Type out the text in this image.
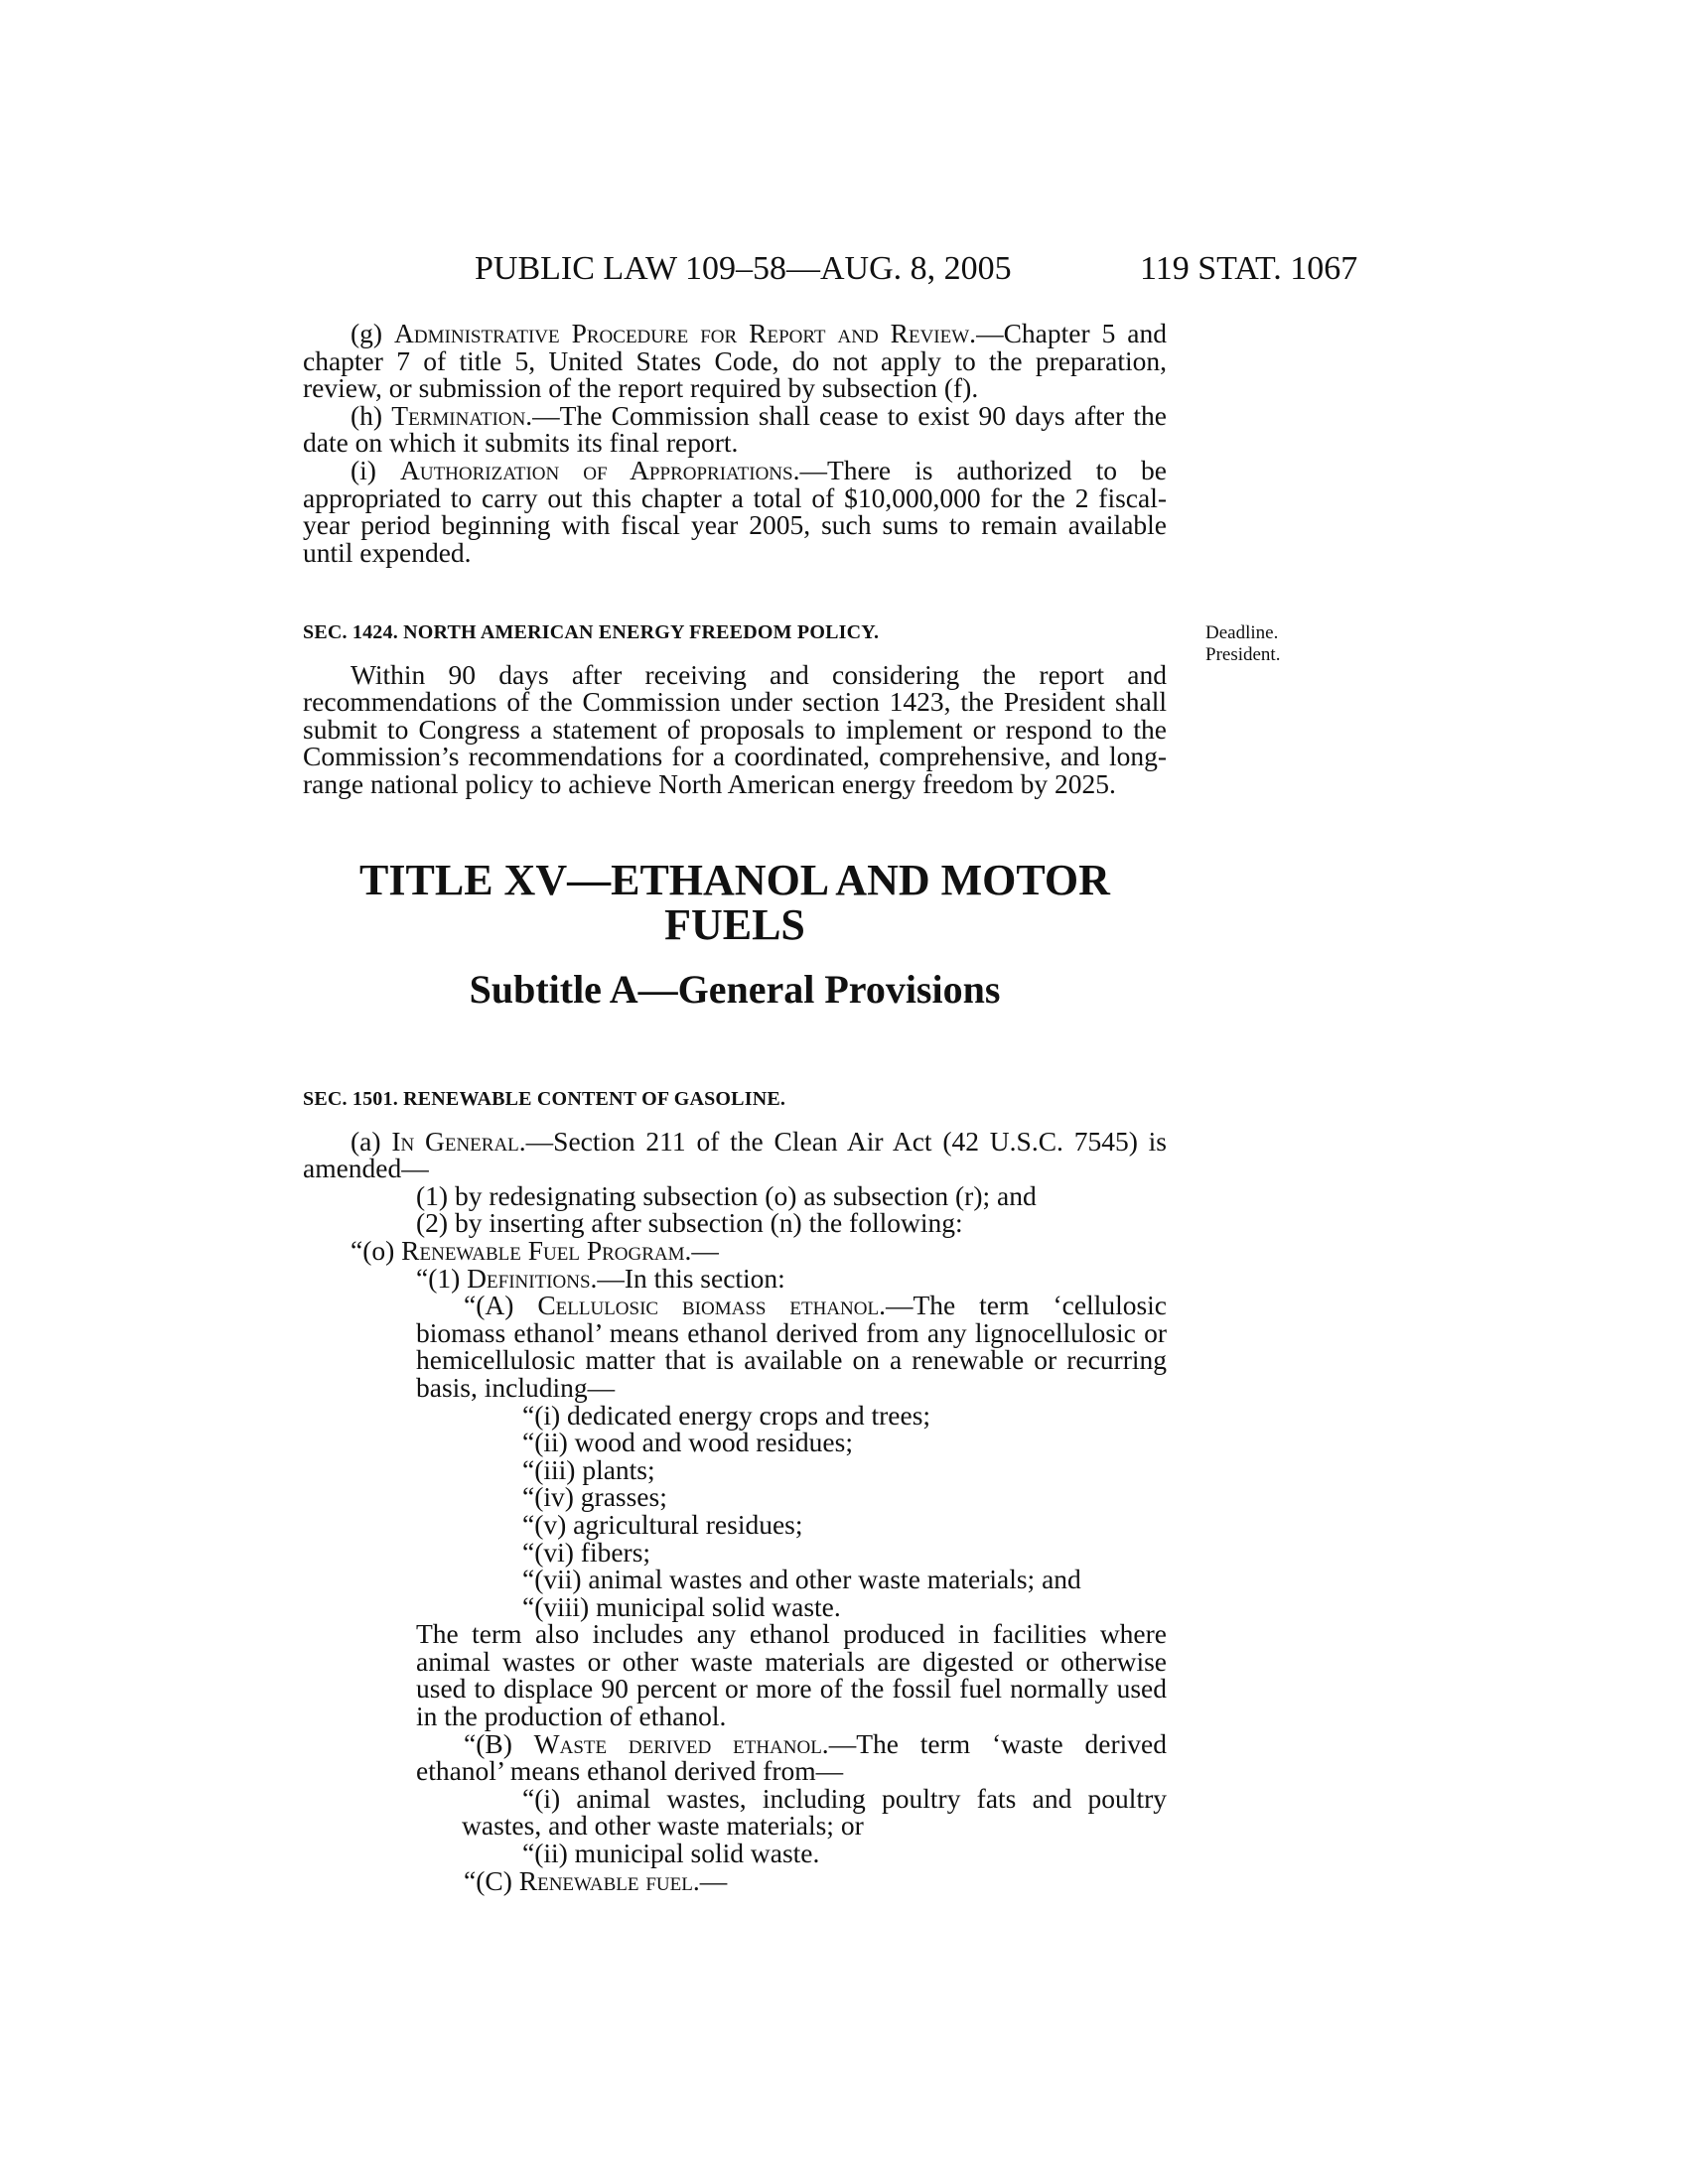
PUBLIC LAW 109–58—AUG. 8, 2005	119 STAT. 1067

(g) Administrative Procedure for Report and Review.—Chapter 5 and chapter 7 of title 5, United States Code, do not apply to the preparation, review, or submission of the report required by subsection (f).

(h) Termination.—The Commission shall cease to exist 90 days after the date on which it submits its final report.

(i) Authorization of Appropriations.—There is authorized to be appropriated to carry out this chapter a total of $10,000,000 for the 2 fiscal-year period beginning with fiscal year 2005, such sums to remain available until expended.

SEC. 1424. NORTH AMERICAN ENERGY FREEDOM POLICY.

Within 90 days after receiving and considering the report and recommendations of the Commission under section 1423, the President shall submit to Congress a statement of proposals to implement or respond to the Commission’s recommendations for a coordinated, comprehensive, and long-range national policy to achieve North American energy freedom by 2025.

Deadline.
President.
TITLE XV—ETHANOL AND MOTOR
FUELS
Subtitle A—General Provisions

SEC. 1501. RENEWABLE CONTENT OF GASOLINE.

(a) In General.—Section 211 of the Clean Air Act (42 U.S.C. 7545) is amended—

(1) by redesignating subsection (o) as subsection (r); and

(2) by inserting after subsection (n) the following:

“(o) Renewable Fuel Program.—

“(1) Definitions.—In this section:

“(A) Cellulosic biomass ethanol.—The term ‘cellulosic biomass ethanol’ means ethanol derived from any lignocellulosic or hemicellulosic matter that is available on a renewable or recurring basis, including—

“(i) dedicated energy crops and trees;

“(ii) wood and wood residues;

“(iii) plants;

“(iv) grasses;

“(v) agricultural residues;

“(vi) fibers;

“(vii) animal wastes and other waste materials; and

“(viii) municipal solid waste.

The term also includes any ethanol produced in facilities where animal wastes or other waste materials are digested or otherwise used to displace 90 percent or more of the fossil fuel normally used in the production of ethanol.

“(B) Waste derived ethanol.—The term ‘waste derived ethanol’ means ethanol derived from—

“(i) animal wastes, including poultry fats and poultry wastes, and other waste materials; or

“(ii) municipal solid waste.

“(C) Renewable fuel.—
